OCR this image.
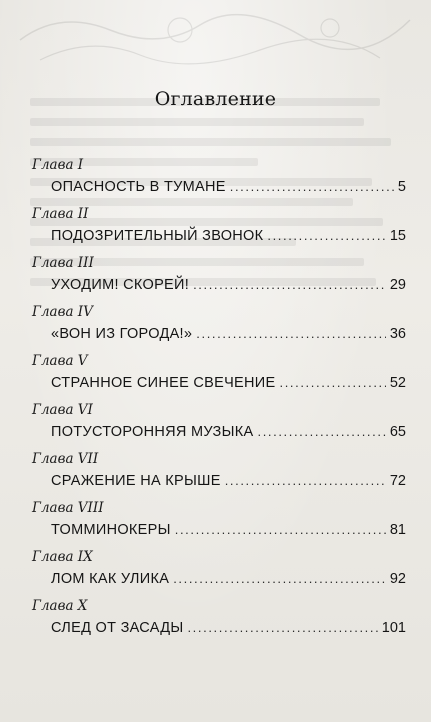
Оглавление
Глава I
ОПАСНОСТЬ В ТУМАНЕ .....	5
Глава II
ПОДОЗРИТЕЛЬНЫЙ ЗВОНОК .....	15
Глава III
УХОДИМ! СКОРЕЙ! .....	29
Глава IV
«ВОН ИЗ ГОРОДА!» .....	36
Глава V
СТРАННОЕ СИНЕЕ СВЕЧЕНИЕ .....	52
Глава VI
ПОТУСТОРОННЯЯ МУЗЫКА .....	65
Глава VII
СРАЖЕНИЕ НА КРЫШЕ .....	72
Глава VIII
ТОММИНОКЕРЫ .....	81
Глава IX
ЛОМ КАК УЛИКА .....	92
Глава X
СЛЕД ОТ ЗАСАДЫ .....	101
